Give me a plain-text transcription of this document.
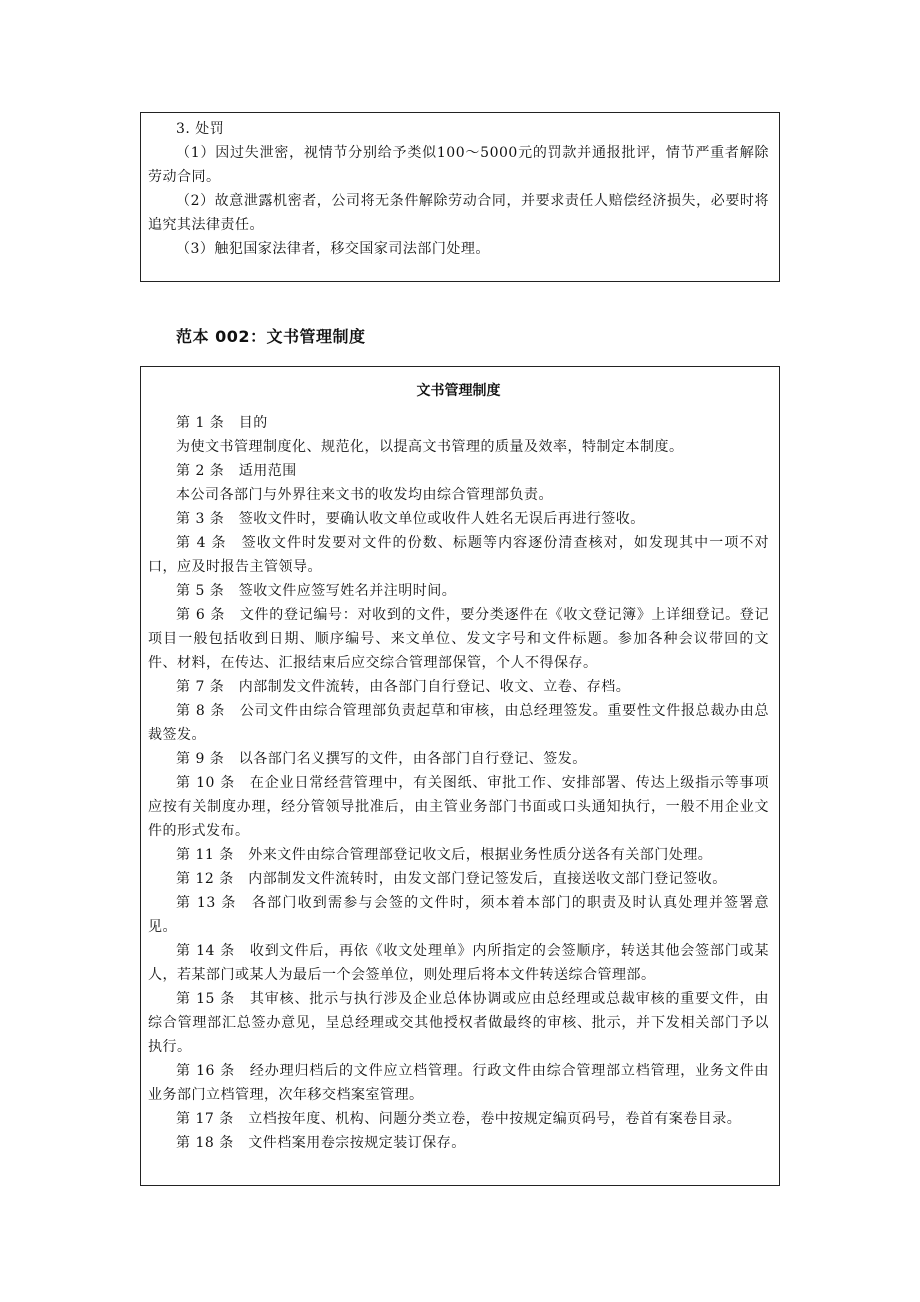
3. 处罚

（1）因过失泄密，视情节分别给予类似100～5000元的罚款并通报批评，情节严重者解除劳动合同。

（2）故意泄露机密者，公司将无条件解除劳动合同，并要求责任人赔偿经济损失，必要时将追究其法律责任。

（3）触犯国家法律者，移交国家司法部门处理。

范本 002：文书管理制度
文书管理制度

第 1 条　目的

为使文书管理制度化、规范化，以提高文书管理的质量及效率，特制定本制度。

第 2 条　适用范围

本公司各部门与外界往来文书的收发均由综合管理部负责。

第 3 条　签收文件时，要确认收文单位或收件人姓名无误后再进行签收。

第 4 条　签收文件时发要对文件的份数、标题等内容逐份清查核对，如发现其中一项不对口，应及时报告主管领导。

第 5 条　签收文件应签写姓名并注明时间。

第 6 条　文件的登记编号：对收到的文件，要分类逐件在《收文登记簿》上详细登记。登记项目一般包括收到日期、顺序编号、来文单位、发文字号和文件标题。参加各种会议带回的文件、材料，在传达、汇报结束后应交综合管理部保管，个人不得保存。

第 7 条　内部制发文件流转，由各部门自行登记、收文、立卷、存档。

第 8 条　公司文件由综合管理部负责起草和审核，由总经理签发。重要性文件报总裁办由总裁签发。

第 9 条　以各部门名义撰写的文件，由各部门自行登记、签发。

第 10 条　在企业日常经营管理中，有关图纸、审批工作、安排部署、传达上级指示等事项应按有关制度办理，经分管领导批准后，由主管业务部门书面或口头通知执行，一般不用企业文件的形式发布。

第 11 条　外来文件由综合管理部登记收文后，根据业务性质分送各有关部门处理。

第 12 条　内部制发文件流转时，由发文部门登记签发后，直接送收文部门登记签收。

第 13 条　各部门收到需参与会签的文件时，须本着本部门的职责及时认真处理并签署意见。

第 14 条　收到文件后，再依《收文处理单》内所指定的会签顺序，转送其他会签部门或某人，若某部门或某人为最后一个会签单位，则处理后将本文件转送综合管理部。

第 15 条　其审核、批示与执行涉及企业总体协调或应由总经理或总裁审核的重要文件，由综合管理部汇总签办意见，呈总经理或交其他授权者做最终的审核、批示，并下发相关部门予以执行。

第 16 条　经办理归档后的文件应立档管理。行政文件由综合管理部立档管理，业务文件由业务部门立档管理，次年移交档案室管理。

第 17 条　立档按年度、机构、问题分类立卷，卷中按规定编页码号，卷首有案卷目录。

第 18 条　文件档案用卷宗按规定装订保存。
